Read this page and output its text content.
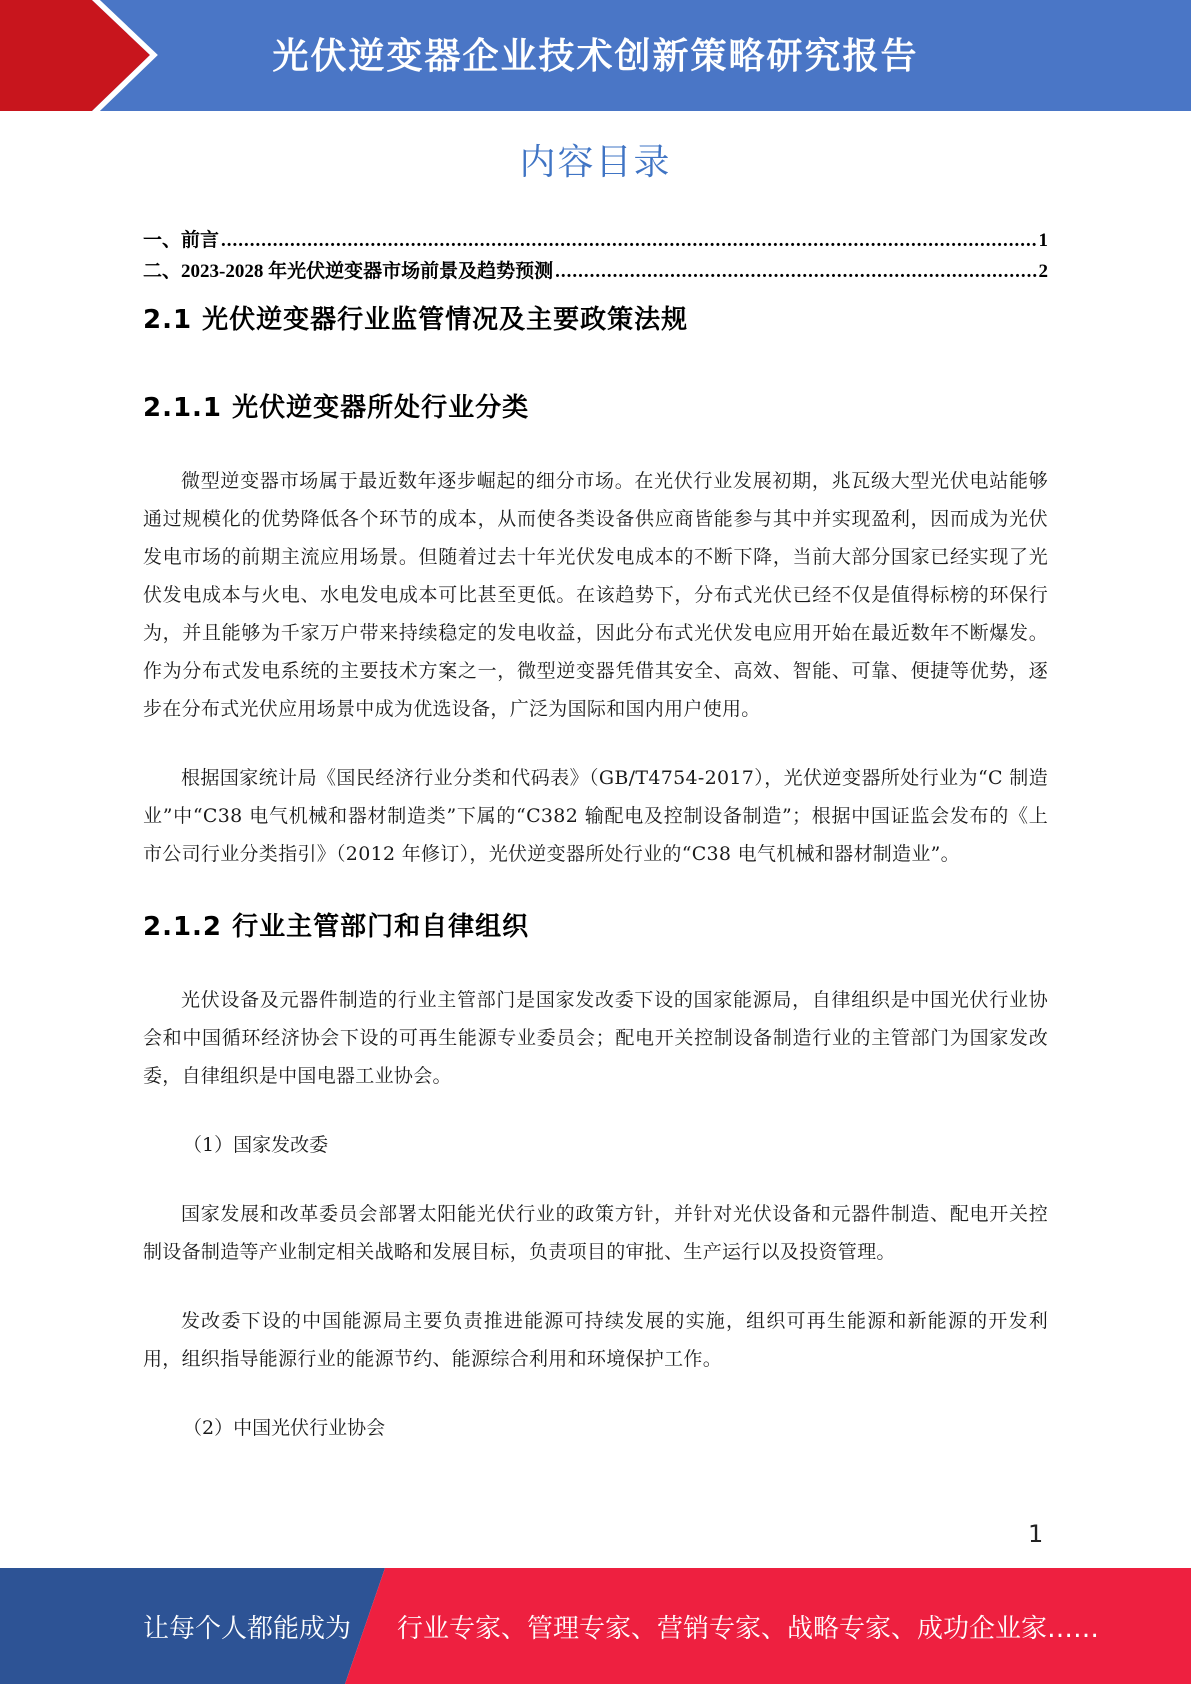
光伏逆变器企业技术创新策略研究报告
内容目录
一、前言 .....	1
二、2023-2028 年光伏逆变器市场前景及趋势预测 .....	2
2.1 光伏逆变器行业监管情况及主要政策法规
2.1.1 光伏逆变器所处行业分类

微型逆变器市场属于最近数年逐步崛起的细分市场。在光伏行业发展初期，兆瓦级大型光伏电站能够通过规模化的优势降低各个环节的成本，从而使各类设备供应商皆能参与其中并实现盈利，因而成为光伏发电市场的前期主流应用场景。但随着过去十年光伏发电成本的不断下降，当前大部分国家已经实现了光伏发电成本与火电、水电发电成本可比甚至更低。在该趋势下，分布式光伏已经不仅是值得标榜的环保行为，并且能够为千家万户带来持续稳定的发电收益，因此分布式光伏发电应用开始在最近数年不断爆发。作为分布式发电系统的主要技术方案之一，微型逆变器凭借其安全、高效、智能、可靠、便捷等优势，逐步在分布式光伏应用场景中成为优选设备，广泛为国际和国内用户使用。

根据国家统计局《国民经济行业分类和代码表》（GB/T4754-2017），光伏逆变器所处行业为“C 制造业”中“C38 电气机械和器材制造类”下属的“C382 输配电及控制设备制造”；根据中国证监会发布的《上市公司行业分类指引》（2012 年修订），光伏逆变器所处行业的“C38 电气机械和器材制造业”。

2.1.2 行业主管部门和自律组织

光伏设备及元器件制造的行业主管部门是国家发改委下设的国家能源局，自律组织是中国光伏行业协会和中国循环经济协会下设的可再生能源专业委员会；配电开关控制设备制造行业的主管部门为国家发改委，自律组织是中国电器工业协会。

（1）国家发改委

国家发展和改革委员会部署太阳能光伏行业的政策方针，并针对光伏设备和元器件制造、配电开关控制设备制造等产业制定相关战略和发展目标，负责项目的审批、生产运行以及投资管理。

发改委下设的中国能源局主要负责推进能源可持续发展的实施，组织可再生能源和新能源的开发利用，组织指导能源行业的能源节约、能源综合利用和环境保护工作。

（2）中国光伏行业协会
1
让每个人都能成为 行业专家、管理专家、营销专家、战略专家、成功企业家……
